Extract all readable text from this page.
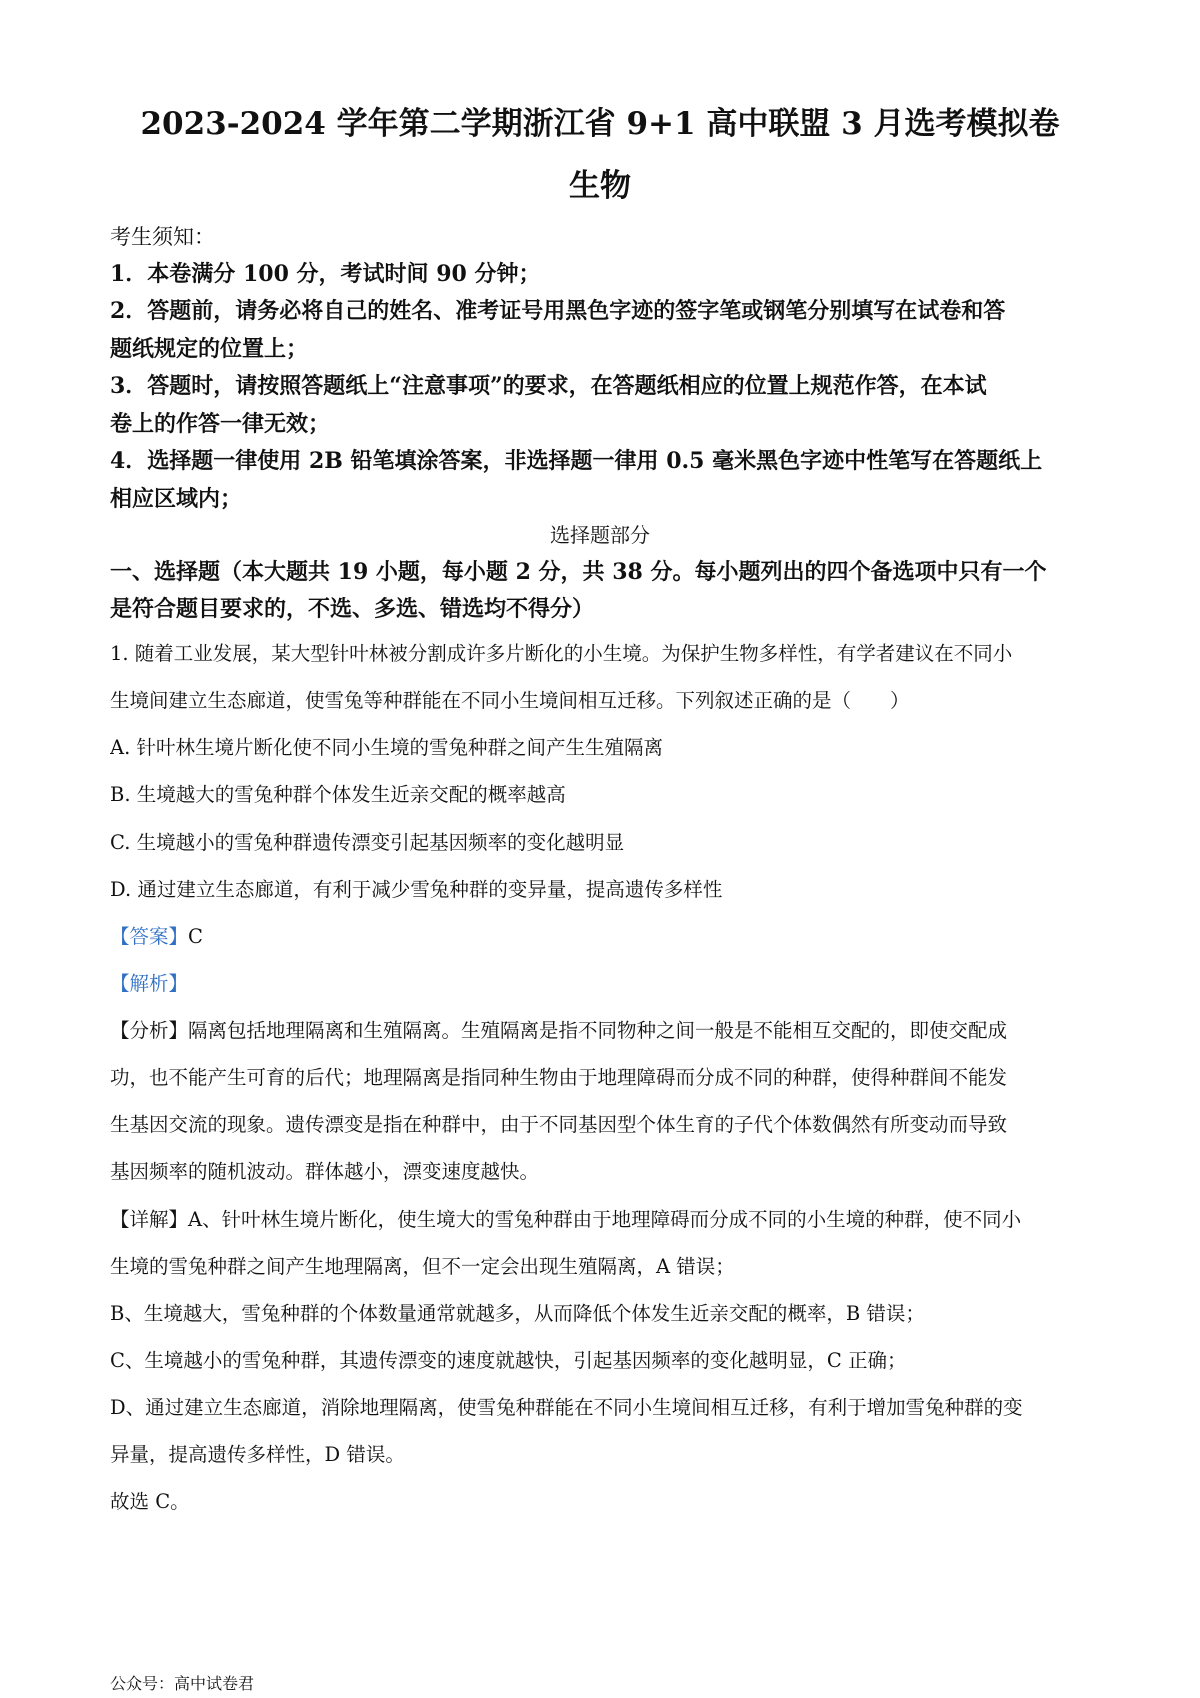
2023-2024 学年第二学期浙江省 9+1 高中联盟 3 月选考模拟卷
生物
考生须知：
1．本卷满分 100 分，考试时间 90 分钟；
2．答题前，请务必将自己的姓名、准考证号用黑色字迹的签字笔或钢笔分别填写在试卷和答
题纸规定的位置上；
3．答题时，请按照答题纸上“注意事项”的要求，在答题纸相应的位置上规范作答，在本试
卷上的作答一律无效；
4．选择题一律使用 2B 铅笔填涂答案，非选择题一律用 0.5 毫米黑色字迹中性笔写在答题纸上
相应区域内；
选择题部分
一、选择题（本大题共 19 小题，每小题 2 分，共 38 分。每小题列出的四个备选项中只有一个
是符合题目要求的，不选、多选、错选均不得分）
1. 随着工业发展，某大型针叶林被分割成许多片断化的小生境。为保护生物多样性，有学者建议在不同小
生境间建立生态廊道，使雪兔等种群能在不同小生境间相互迁移。下列叙述正确的是（　　）
A. 针叶林生境片断化使不同小生境的雪兔种群之间产生生殖隔离
B. 生境越大的雪兔种群个体发生近亲交配的概率越高
C. 生境越小的雪兔种群遗传漂变引起基因频率的变化越明显
D. 通过建立生态廊道，有利于减少雪兔种群的变异量，提高遗传多样性
【答案】C
【解析】
【分析】隔离包括地理隔离和生殖隔离。生殖隔离是指不同物种之间一般是不能相互交配的，即使交配成
功，也不能产生可育的后代；地理隔离是指同种生物由于地理障碍而分成不同的种群，使得种群间不能发
生基因交流的现象。遗传漂变是指在种群中，由于不同基因型个体生育的子代个体数偶然有所变动而导致
基因频率的随机波动。群体越小，漂变速度越快。
【详解】A、针叶林生境片断化，使生境大的雪兔种群由于地理障碍而分成不同的小生境的种群，使不同小
生境的雪兔种群之间产生地理隔离，但不一定会出现生殖隔离，A 错误；
B、生境越大，雪兔种群的个体数量通常就越多，从而降低个体发生近亲交配的概率，B 错误；
C、生境越小的雪兔种群，其遗传漂变的速度就越快，引起基因频率的变化越明显，C 正确；
D、通过建立生态廊道，消除地理隔离，使雪兔种群能在不同小生境间相互迁移，有利于增加雪兔种群的变
异量，提高遗传多样性，D 错误。
故选 C。
公众号：高中试卷君
